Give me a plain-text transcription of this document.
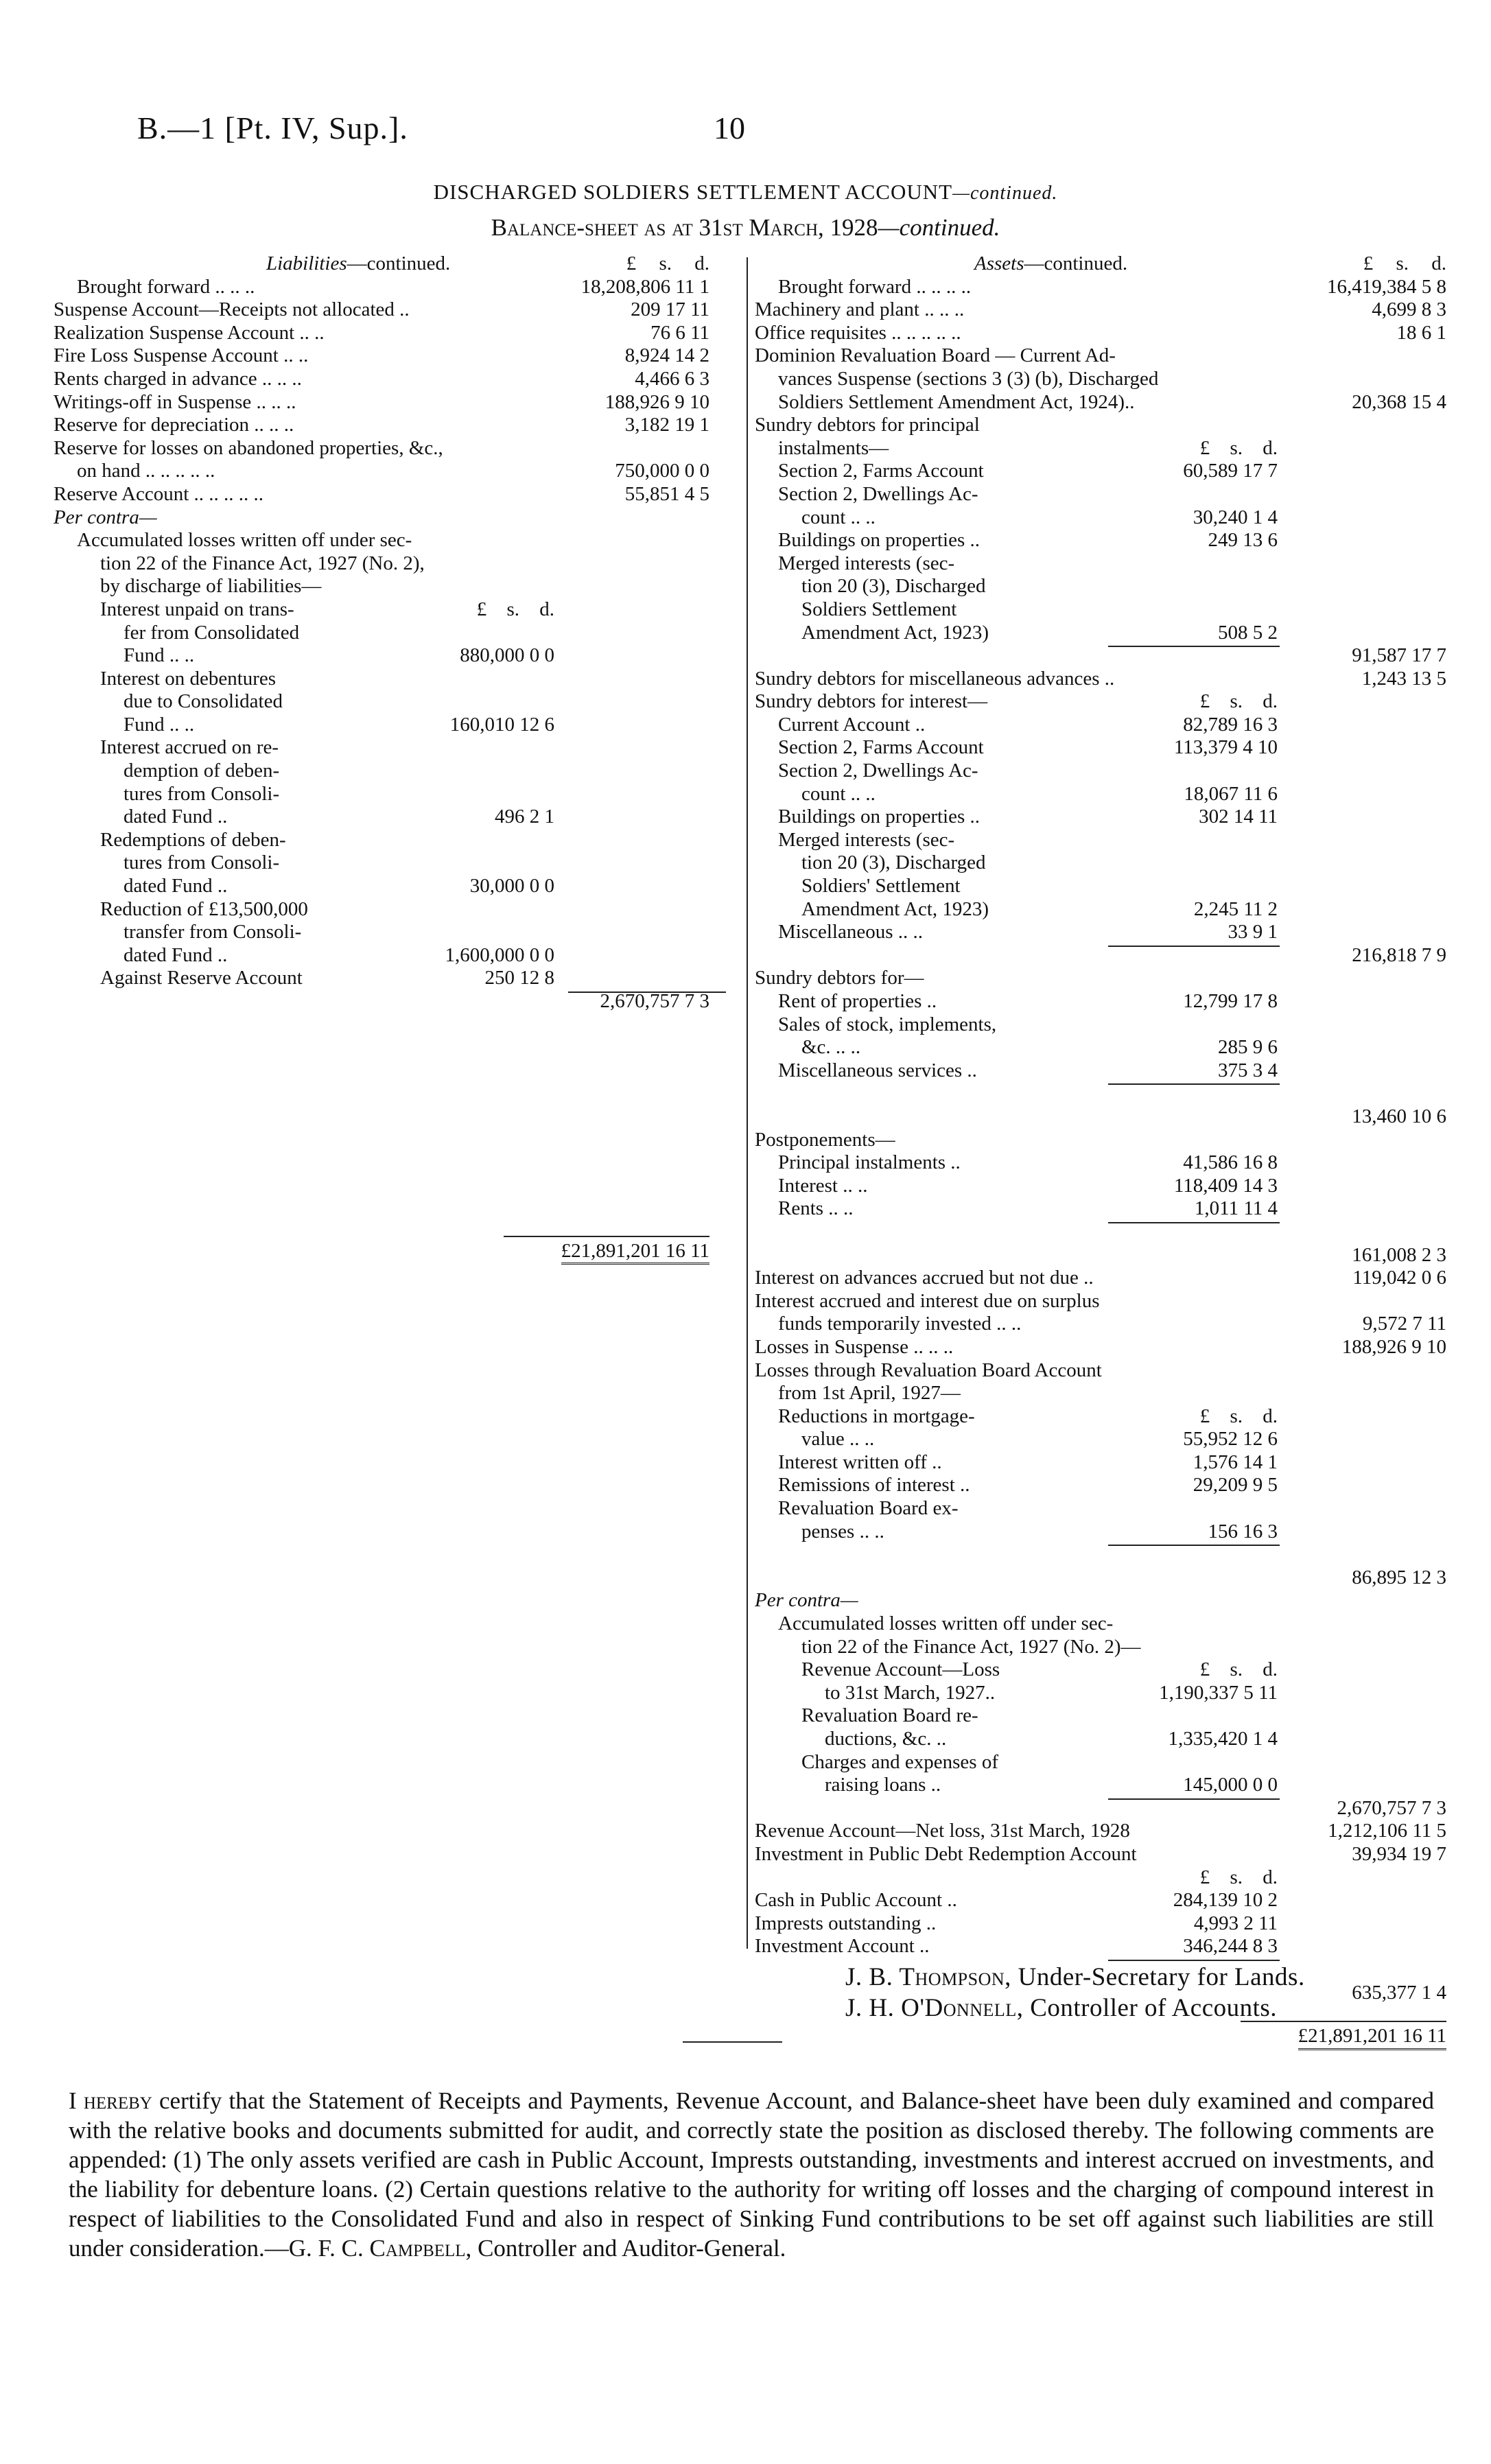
B.—1 [Pt. IV, Sup.].	10
DISCHARGED SOLDIERS SETTLEMENT ACCOUNT—continued.
Balance-sheet as at 31st March, 1928—continued.
Liabilities—continued.	£ s. d.
Brought forward .. .. ..	18,208,806 11 1
Suspense Account—Receipts not allocated ..	209 17 11
Realization Suspense Account .. ..	76 6 11
Fire Loss Suspense Account .. ..	8,924 14 2
Rents charged in advance .. .. ..	4,466 6 3
Writings-off in Suspense .. .. ..	188,926 9 10
Reserve for depreciation .. .. ..	3,182 19 1
Reserve for losses on abandoned properties, &c.,
on hand .. .. .. .. ..	750,000 0 0
Reserve Account .. .. .. .. ..	55,851 4 5
Per contra—
Accumulated losses written off under sec-
tion 22 of the Finance Act, 1927 (No. 2),
by discharge of liabilities—
Interest unpaid on trans-	£ s. d.
fer from Consolidated
Fund .. ..	880,000 0 0
Interest on debentures
due to Consolidated
Fund .. ..	160,010 12 6
Interest accrued on re-
demption of deben-
tures from Consoli-
dated Fund ..	496 2 1
Redemptions of deben-
tures from Consoli-
dated Fund ..	30,000 0 0
Reduction of £13,500,000
transfer from Consoli-
dated Fund ..	1,600,000 0 0
Against Reserve Account	250 12 8
2,670,757 7 3
£21,891,201 16 11
Assets—continued.	£ s. d.
Brought forward .. .. .. ..	16,419,384 5 8
Machinery and plant .. .. ..	4,699 8 3
Office requisites .. .. .. .. ..	18 6 1
Dominion Revaluation Board — Current Ad-
vances Suspense (sections 3 (3) (b), Discharged
Soldiers Settlement Amendment Act, 1924)..	20,368 15 4
Sundry debtors for principal
instalments—	£ s. d.
Section 2, Farms Account	60,589 17 7
Section 2, Dwellings Ac-
count .. ..	30,240 1 4
Buildings on properties ..	249 13 6
Merged interests (sec-
tion 20 (3), Discharged
Soldiers Settlement
Amendment Act, 1923)	508 5 2
91,587 17 7
Sundry debtors for miscellaneous advances ..	1,243 13 5
Sundry debtors for interest—	£ s. d.
Current Account ..	82,789 16 3
Section 2, Farms Account	113,379 4 10
Section 2, Dwellings Ac-
count .. ..	18,067 11 6
Buildings on properties ..	302 14 11
Merged interests (sec-
tion 20 (3), Discharged
Soldiers' Settlement
Amendment Act, 1923)	2,245 11 2
Miscellaneous .. ..	33 9 1
216,818 7 9
Sundry debtors for—
Rent of properties ..	12,799 17 8
Sales of stock, implements,
&c. .. ..	285 9 6
Miscellaneous services ..	375 3 4
13,460 10 6
Postponements—
Principal instalments ..	41,586 16 8
Interest .. ..	118,409 14 3
Rents .. ..	1,011 11 4
161,008 2 3
Interest on advances accrued but not due ..	119,042 0 6
Interest accrued and interest due on surplus
funds temporarily invested .. ..	9,572 7 11
Losses in Suspense .. .. ..	188,926 9 10
Losses through Revaluation Board Account
from 1st April, 1927—
Reductions in mortgage-	£ s. d.
value .. ..	55,952 12 6
Interest written off ..	1,576 14 1
Remissions of interest ..	29,209 9 5
Revaluation Board ex-
penses .. ..	156 16 3
86,895 12 3
Per contra—
Accumulated losses written off under sec-
tion 22 of the Finance Act, 1927 (No. 2)—
Revenue Account—Loss	£ s. d.
to 31st March, 1927..	1,190,337 5 11
Revaluation Board re-
ductions, &c. ..	1,335,420 1 4
Charges and expenses of
raising loans ..	145,000 0 0
2,670,757 7 3
Revenue Account—Net loss, 31st March, 1928	1,212,106 11 5
Investment in Public Debt Redemption Account	39,934 19 7
£ s. d.
Cash in Public Account ..	284,139 10 2
Imprests outstanding ..	4,993 2 11
Investment Account ..	346,244 8 3
635,377 1 4
£21,891,201 16 11
J. B. Thompson, Under-Secretary for Lands.
J. H. O'Donnell, Controller of Accounts.
I hereby certify that the Statement of Receipts and Payments, Revenue Account, and Balance-sheet have been duly examined and compared with the relative books and documents submitted for audit, and correctly state the position as disclosed thereby. The following comments are appended: (1) The only assets verified are cash in Public Account, Imprests outstanding, investments and interest accrued on investments, and the liability for debenture loans. (2) Certain questions relative to the authority for writing off losses and the charging of compound interest in respect of liabilities to the Consolidated Fund and also in respect of Sinking Fund contributions to be set off against such liabilities are still under consideration.—G. F. C. Campbell, Controller and Auditor-General.
